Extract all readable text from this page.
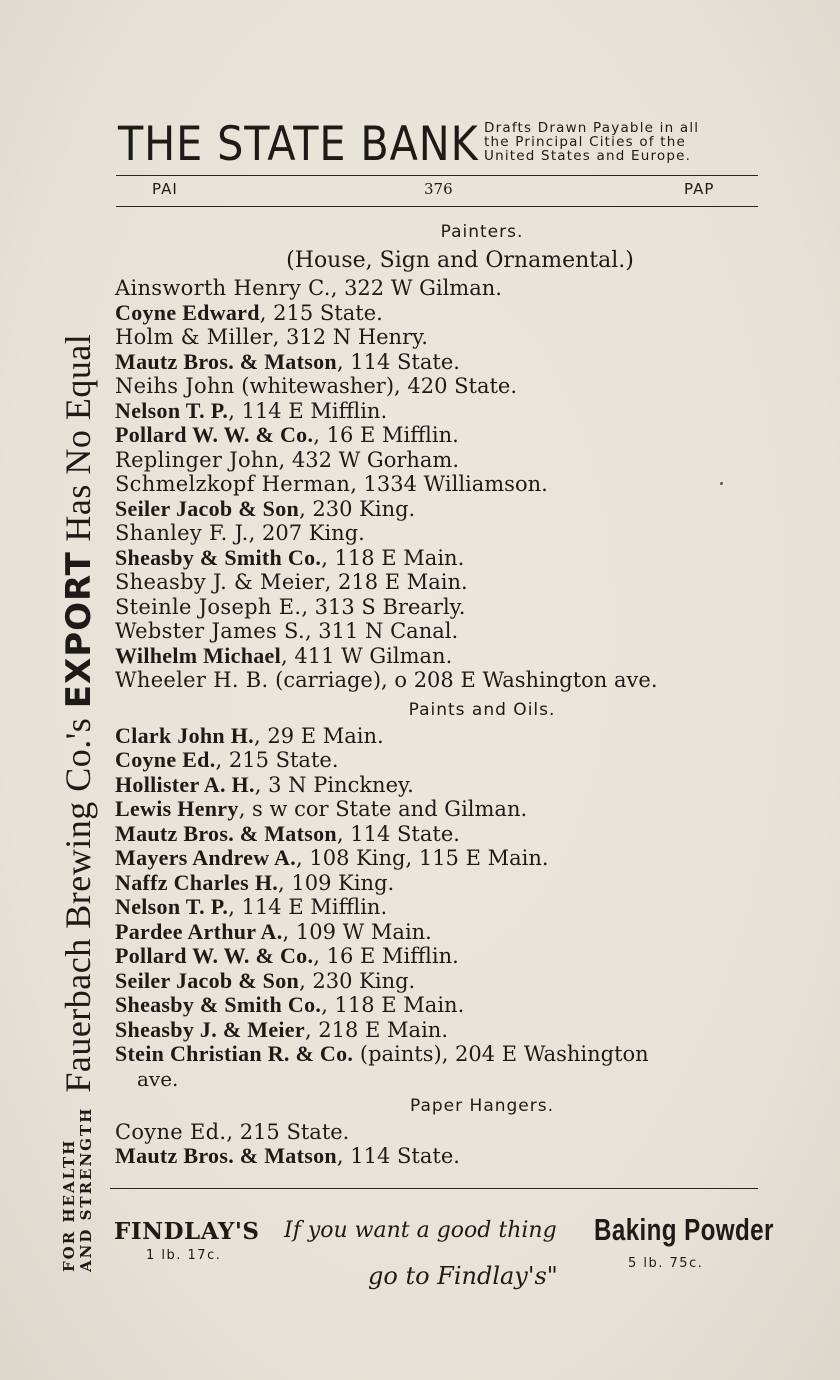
FOR HEALTH AND STRENGTH
Fauerbach Brewing Co.'s EXPORT Has No Equal
THE STATE BANK Drafts Drawn Payable in all
the Principal Cities of the
United States and Europe.
PAI	376	PAP
Painters.
(House, Sign and Ornamental.)
Ainsworth Henry C., 322 W Gilman.
Coyne Edward, 215 State.
Holm & Miller, 312 N Henry.
Mautz Bros. & Matson, 114 State.
Neihs John (whitewasher), 420 State.
Nelson T. P., 114 E Mifflin.
Pollard W. W. & Co., 16 E Mifflin.
Replinger John, 432 W Gorham.
Schmelzkopf Herman, 1334 Williamson.
Seiler Jacob & Son, 230 King.
Shanley F. J., 207 King.
Sheasby & Smith Co., 118 E Main.
Sheasby J. & Meier, 218 E Main.
Steinle Joseph E., 313 S Brearly.
Webster James S., 311 N Canal.
Wilhelm Michael, 411 W Gilman.
Wheeler H. B. (carriage), o 208 E Washington ave.
Paints and Oils.
Clark John H., 29 E Main.
Coyne Ed., 215 State.
Hollister A. H., 3 N Pinckney.
Lewis Henry, s w cor State and Gilman.
Mautz Bros. & Matson, 114 State.
Mayers Andrew A., 108 King, 115 E Main.
Naffz Charles H., 109 King.
Nelson T. P., 114 E Mifflin.
Pardee Arthur A., 109 W Main.
Pollard W. W. & Co., 16 E Mifflin.
Seiler Jacob & Son, 230 King.
Sheasby & Smith Co., 118 E Main.
Sheasby J. & Meier, 218 E Main.
Stein Christian R. & Co. (paints), 204 E Washington
ave.
Paper Hangers.
Coyne Ed., 215 State.
Mautz Bros. & Matson, 114 State.
FINDLAY'S
1 lb. 17c.
If you want a good thing
go to Findlay's"
Baking Powder
5 lb. 75c.
